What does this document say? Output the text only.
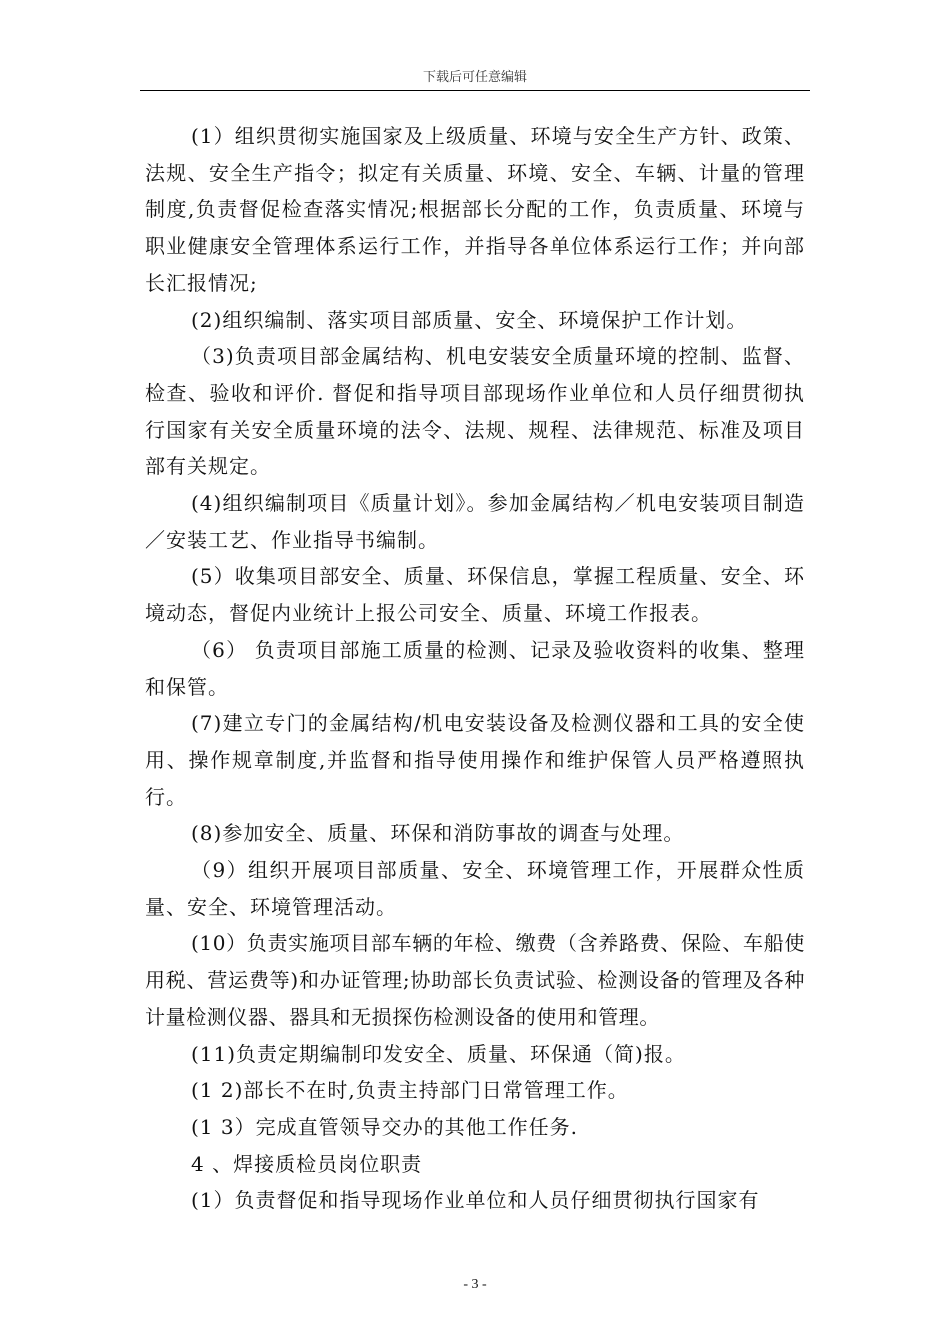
下载后可任意编辑

(1）组织贯彻实施国家及上级质量、环境与安全生产方针、政策、法规、安全生产指令；拟定有关质量、环境、安全、车辆、计量的管理制度,负责督促检查落实情况;根据部长分配的工作，负责质量、环境与职业健康安全管理体系运行工作，并指导各单位体系运行工作；并向部长汇报情况;

(2)组织编制、落实项目部质量、安全、环境保护工作计划。

（3)负责项目部金属结构、机电安装安全质量环境的控制、监督、检查、验收和评价. 督促和指导项目部现场作业单位和人员仔细贯彻执行国家有关安全质量环境的法令、法规、规程、法律规范、标准及项目部有关规定。

(4)组织编制项目《质量计划》。参加金属结构／机电安装项目制造／安装工艺、作业指导书编制。

(5）收集项目部安全、质量、环保信息，掌握工程质量、安全、环境动态，督促内业统计上报公司安全、质量、环境工作报表。

（6） 负责项目部施工质量的检测、记录及验收资料的收集、整理和保管。

(7)建立专门的金属结构/机电安装设备及检测仪器和工具的安全使用、操作规章制度,并监督和指导使用操作和维护保管人员严格遵照执行。

(8)参加安全、质量、环保和消防事故的调查与处理。

（9）组织开展项目部质量、安全、环境管理工作，开展群众性质量、安全、环境管理活动。

(10）负责实施项目部车辆的年检、缴费（含养路费、保险、车船使用税、营运费等)和办证管理;协助部长负责试验、检测设备的管理及各种计量检测仪器、器具和无损探伤检测设备的使用和管理。

(11)负责定期编制印发安全、质量、环保通（简)报。

(1 2)部长不在时,负责主持部门日常管理工作。

(1 3）完成直管领导交办的其他工作任务.

4 、焊接质检员岗位职责

(1）负责督促和指导现场作业单位和人员仔细贯彻执行国家有

- 3 -
